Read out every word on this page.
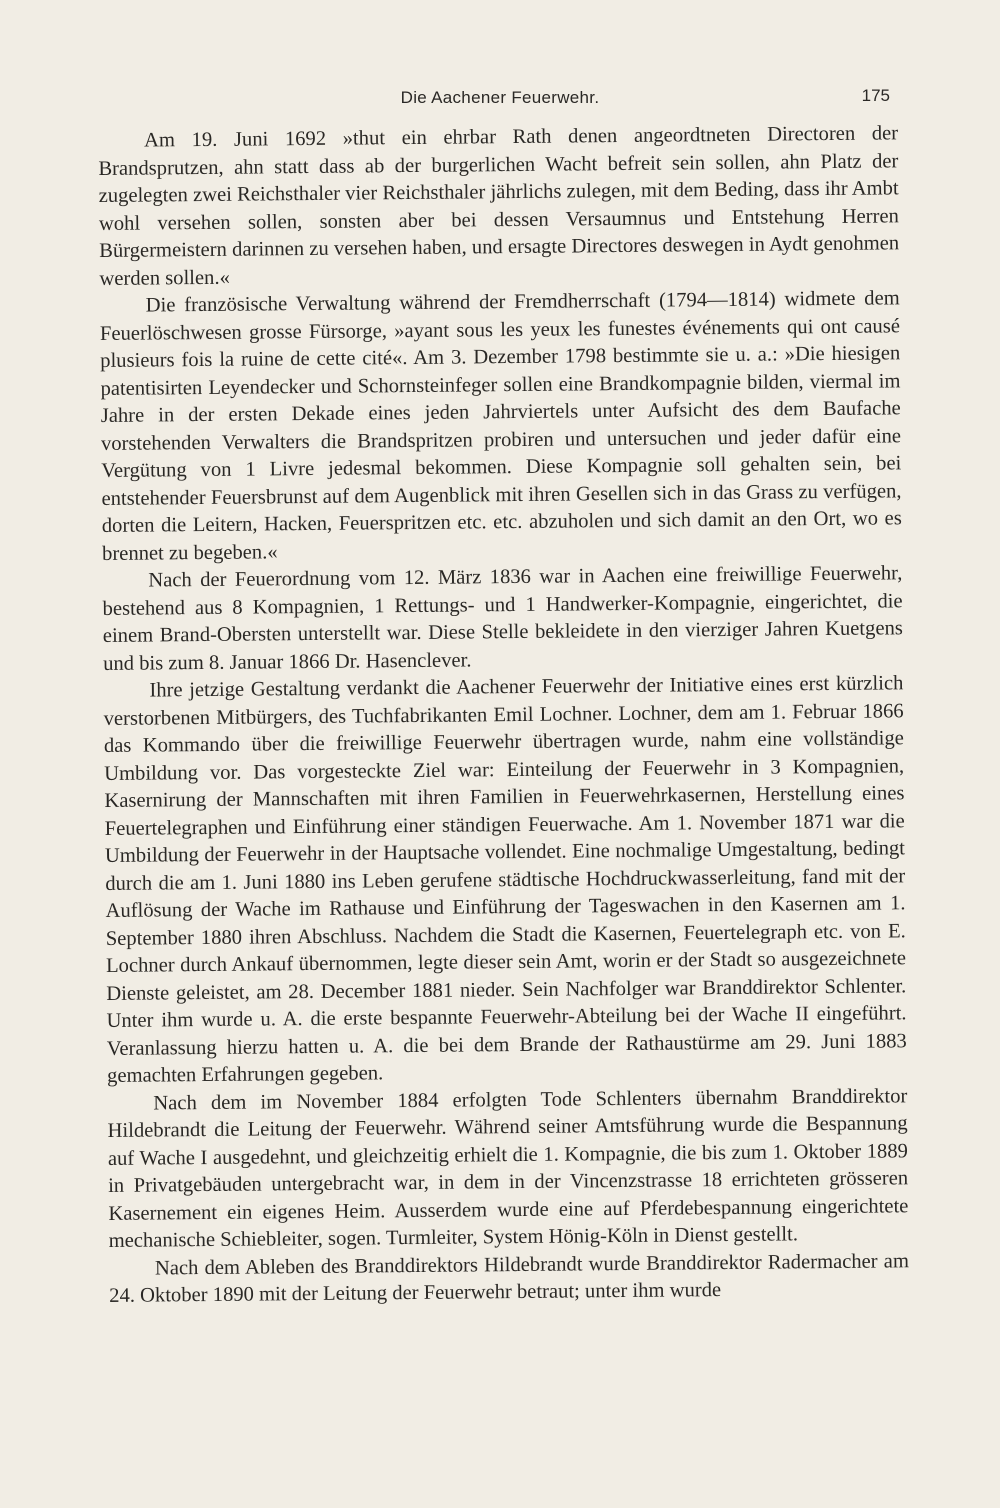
Die Aachener Feuerwehr.	175

Am 19. Juni 1692 »thut ein ehrbar Rath denen angeordtneten Directoren der Brandsprutzen, ahn statt dass ab der burgerlichen Wacht befreit sein sollen, ahn Platz der zugelegten zwei Reichsthaler vier Reichsthaler jährlichs zulegen, mit dem Beding, dass ihr Ambt wohl versehen sollen, sonsten aber bei dessen Versaumnus und Entstehung Herren Bürgermeistern darinnen zu versehen haben, und ersagte Directores deswegen in Aydt genohmen werden sollen.«

Die französische Verwaltung während der Fremdherrschaft (1794—1814) widmete dem Feuerlöschwesen grosse Fürsorge, »ayant sous les yeux les funestes événements qui ont causé plusieurs fois la ruine de cette cité«. Am 3. Dezember 1798 bestimmte sie u. a.: »Die hiesigen patentisirten Leyendecker und Schornsteinfeger sollen eine Brandkompagnie bilden, viermal im Jahre in der ersten Dekade eines jeden Jahrviertels unter Aufsicht des dem Baufache vorstehenden Verwalters die Brandspritzen probiren und untersuchen und jeder dafür eine Vergütung von 1 Livre jedesmal bekommen. Diese Kompagnie soll gehalten sein, bei entstehender Feuersbrunst auf dem Augenblick mit ihren Gesellen sich in das Grass zu verfügen, dorten die Leitern, Hacken, Feuerspritzen etc. etc. abzuholen und sich damit an den Ort, wo es brennet zu begeben.«

Nach der Feuerordnung vom 12. März 1836 war in Aachen eine freiwillige Feuerwehr, bestehend aus 8 Kompagnien, 1 Rettungs- und 1 Handwerker-Kompagnie, eingerichtet, die einem Brand-Obersten unterstellt war. Diese Stelle bekleidete in den vierziger Jahren Kuetgens und bis zum 8. Januar 1866 Dr. Hasenclever.

Ihre jetzige Gestaltung verdankt die Aachener Feuerwehr der Initiative eines erst kürzlich verstorbenen Mitbürgers, des Tuchfabrikanten Emil Lochner. Lochner, dem am 1. Februar 1866 das Kommando über die freiwillige Feuerwehr übertragen wurde, nahm eine vollständige Umbildung vor. Das vorgesteckte Ziel war: Einteilung der Feuerwehr in 3 Kompagnien, Kasernirung der Mannschaften mit ihren Familien in Feuerwehrkasernen, Herstellung eines Feuertelegraphen und Einführung einer ständigen Feuerwache. Am 1. November 1871 war die Umbildung der Feuerwehr in der Hauptsache vollendet. Eine nochmalige Umgestaltung, bedingt durch die am 1. Juni 1880 ins Leben gerufene städtische Hochdruckwasserleitung, fand mit der Auflösung der Wache im Rathause und Einführung der Tageswachen in den Kasernen am 1. September 1880 ihren Abschluss. Nachdem die Stadt die Kasernen, Feuertelegraph etc. von E. Lochner durch Ankauf übernommen, legte dieser sein Amt, worin er der Stadt so ausgezeichnete Dienste geleistet, am 28. December 1881 nieder. Sein Nachfolger war Branddirektor Schlenter. Unter ihm wurde u. A. die erste bespannte Feuerwehr-Abteilung bei der Wache II eingeführt. Veranlassung hierzu hatten u. A. die bei dem Brande der Rathaustürme am 29. Juni 1883 gemachten Erfahrungen gegeben.

Nach dem im November 1884 erfolgten Tode Schlenters übernahm Branddirektor Hildebrandt die Leitung der Feuerwehr. Während seiner Amtsführung wurde die Bespannung auf Wache I ausgedehnt, und gleichzeitig erhielt die 1. Kompagnie, die bis zum 1. Oktober 1889 in Privatgebäuden untergebracht war, in dem in der Vincenzstrasse 18 errichteten grösseren Kasernement ein eigenes Heim. Ausserdem wurde eine auf Pferdebespannung eingerichtete mechanische Schiebleiter, sogen. Turmleiter, System Hönig-Köln in Dienst gestellt.

Nach dem Ableben des Branddirektors Hildebrandt wurde Branddirektor Radermacher am 24. Oktober 1890 mit der Leitung der Feuerwehr betraut; unter ihm wurde
